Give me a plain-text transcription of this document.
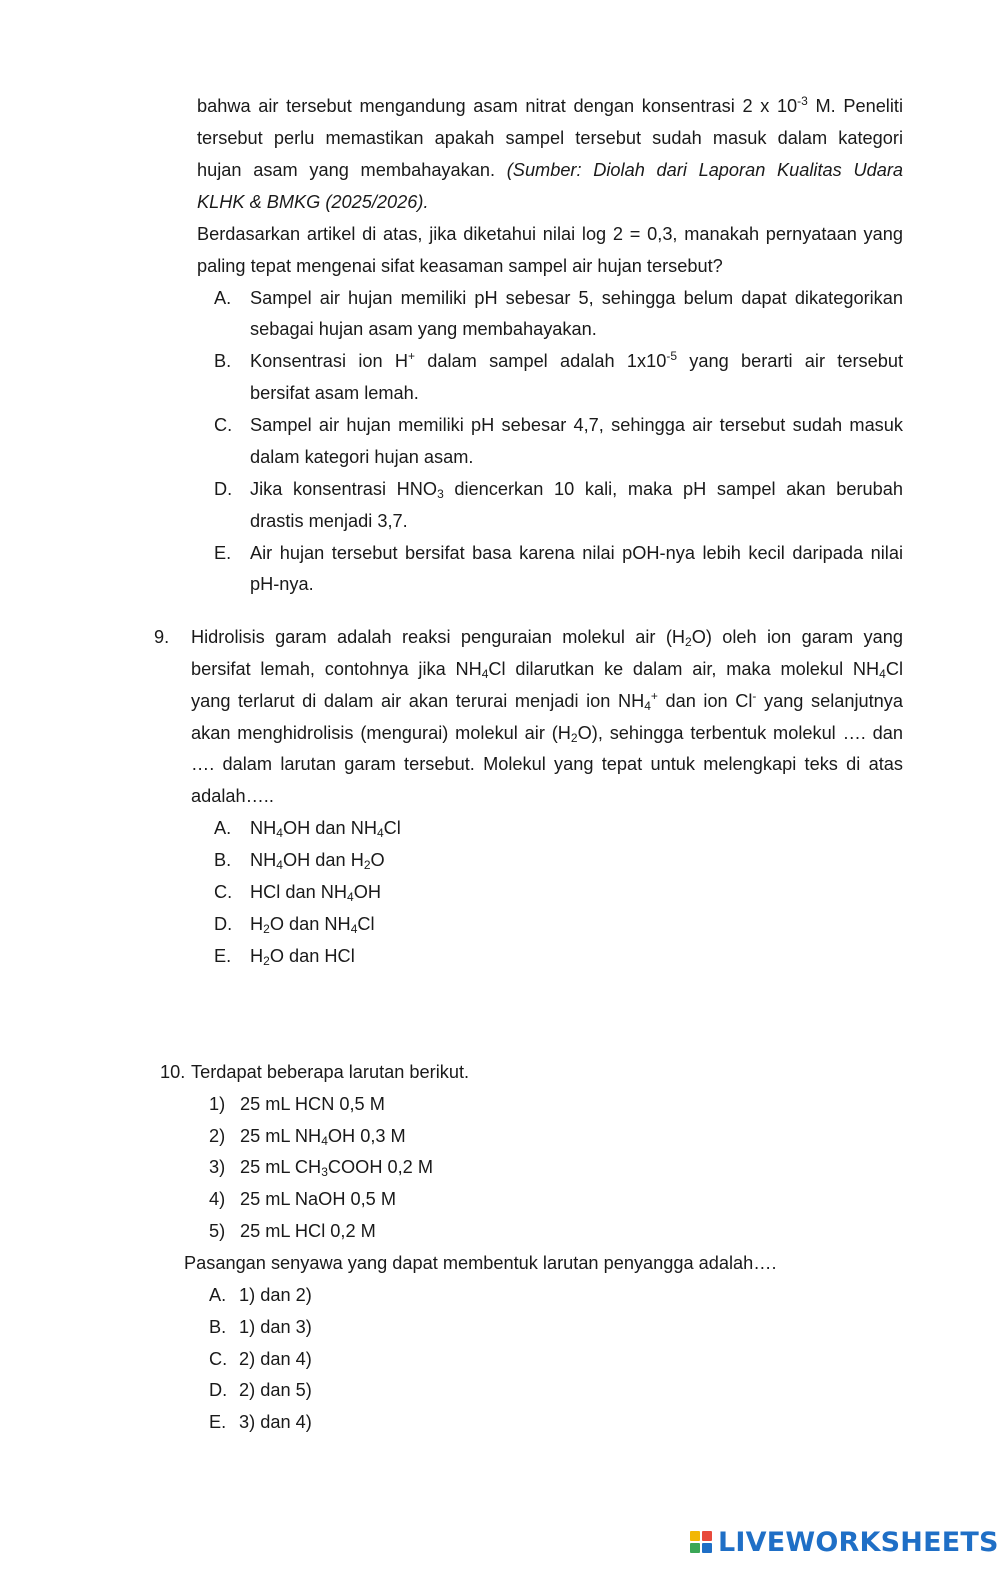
bahwa air tersebut mengandung asam nitrat dengan konsentrasi 2 x $10^{-3}$ M. Peneliti
tersebut perlu memastikan apakah sampel tersebut sudah masuk dalam kategori
hujan asam yang membahayakan. (Sumber: Diolah dari Laporan Kualitas Udara
KLHK & BMKG (2025/2026).
Berdasarkan artikel di atas, jika diketahui nilai log 2 = 0,3, manakah pernyataan yang
paling tepat mengenai sifat keasaman sampel air hujan tersebut?
A. Sampel air hujan memiliki pH sebesar 5, sehingga belum dapat dikategorikan
sebagai hujan asam yang membahayakan.
B. Konsentrasi ion H+ dalam sampel adalah $1x10^{-5}$ yang berarti air tersebut
bersifat asam lemah.
C. Sampel air hujan memiliki pH sebesar 4,7, sehingga air tersebut sudah masuk
dalam kategori hujan asam.
D. Jika konsentrasi $HNO_3$ diencerkan 10 kali, maka pH sampel akan berubah
drastis menjadi 3,7.
E. Air hujan tersebut bersifat basa karena nilai pOH-nya lebih kecil daripada nilai
pH-nya.
9. Hidrolisis garam adalah reaksi penguraian molekul air $(H_2O)$ oleh ion garam yang
bersifat lemah, contohnya jika $NH_4Cl$ dilarutkan ke dalam air, maka molekul $NH_4Cl$
yang terlarut di dalam air akan terurai menjadi ion $NH_4^+$ dan ion Cl- yang selanjutnya
akan menghidrolisis (mengurai) molekul air $(H_2O)$, sehingga terbentuk molekul …. dan
…. dalam larutan garam tersebut. Molekul yang tepat untuk melengkapi teks di atas
adalah…..
A. $NH_4OH$ dan $NH_4Cl$
B. $NH_4OH$ dan $H_2O$
C. HCl dan $NH_4OH$
D. $H_2O$ dan $NH_4Cl$
E. $H_2O$ dan HCl
10. Terdapat beberapa larutan berikut.
1) 25 mL HCN 0,5 M
2) 25 mL $NH_4OH$ 0,3 M
3) 25 mL $CH_3COOH$ 0,2 M
4) 25 mL NaOH 0,5 M
5) 25 mL HCl 0,2 M
Pasangan senyawa yang dapat membentuk larutan penyangga adalah….
A. 1) dan 2)
B. 1) dan 3)
C. 2) dan 4)
D. 2) dan 5)
E. 3) dan 4)
LIVEWORKSHEETS
